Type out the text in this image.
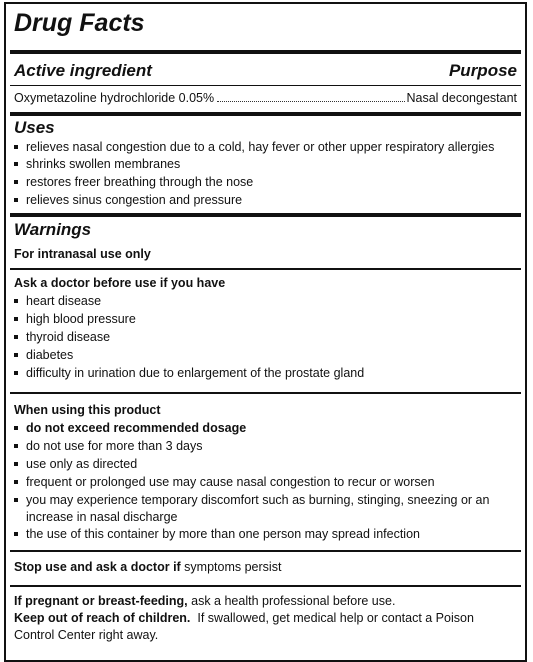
Drug Facts
Active ingredient	Purpose
Oxymetazoline hydrochloride 0.05%	Nasal decongestant
Uses
relieves nasal congestion due to a cold, hay fever or other upper respiratory allergies
shrinks swollen membranes
restores freer breathing through the nose
relieves sinus congestion and pressure
Warnings
For intranasal use only
Ask a doctor before use if you have
heart disease
high blood pressure
thyroid disease
diabetes
difficulty in urination due to enlargement of the prostate gland
When using this product
do not exceed recommended dosage
do not use for more than 3 days
use only as directed
frequent or prolonged use may cause nasal congestion to recur or worsen
you may experience temporary discomfort such as burning, stinging, sneezing or an
increase in nasal discharge
the use of this container by more than one person may spread infection
Stop use and ask a doctor if symptoms persist
If pregnant or breast-feeding, ask a health professional before use.
Keep out of reach of children.  If swallowed, get medical help or contact a Poison
Control Center right away.
